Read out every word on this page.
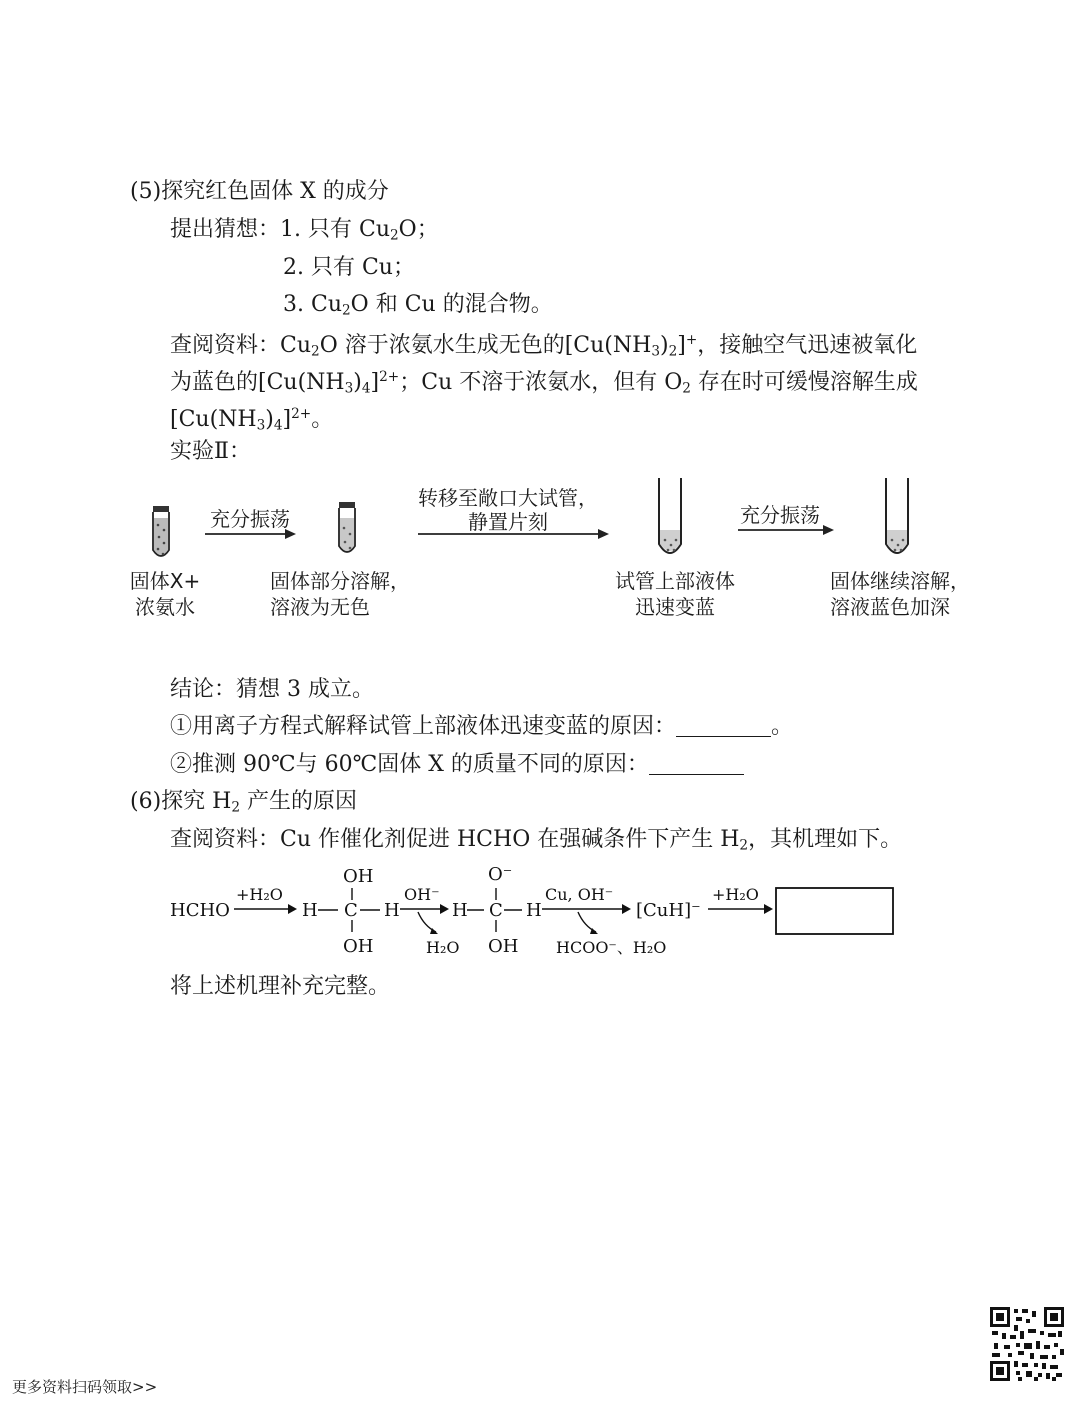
(5)探究红色固体 X 的成分
提出猜想：1. 只有 $Cu_2O$；
2. 只有 Cu；
3. $Cu_2O$ 和 Cu 的混合物。
查阅资料：$Cu_2O$ 溶于浓氨水生成无色的$[Cu(NH_3)_2]^+$，接触空气迅速被氧化
为蓝色的$[Cu(NH_3)_4]^{2+}$；Cu 不溶于浓氨水，但有 $O_2$ 存在时可缓慢溶解生成
$[Cu(NH_3)_4]^{2+}$。
实验Ⅱ：
充分振荡
转移至敞口大试管，
静置片刻	充分振荡
固体X+
浓氨水
固体部分溶解，
溶液为无色
试管上部液体
迅速变蓝
固体继续溶解，
溶液蓝色加深
结论：猜想 3 成立。
①用离子方程式解释试管上部液体迅速变蓝的原因：	。
②推测 90℃与 60℃固体 X 的质量不同的原因：
(6)探究 $H_2$ 产生的原因
查阅资料：Cu 作催化剂促进 HCHO 在强碱条件下产生 $H_2$，其机理如下。
HCHO
+H₂O
OH
H C H
OH
OH⁻
H₂O
O⁻
H C H
OH
Cu, OH⁻
HCOO⁻、H₂O
[CuH]⁻
+H₂O
将上述机理补充完整。
更多资料扫码领取>>
